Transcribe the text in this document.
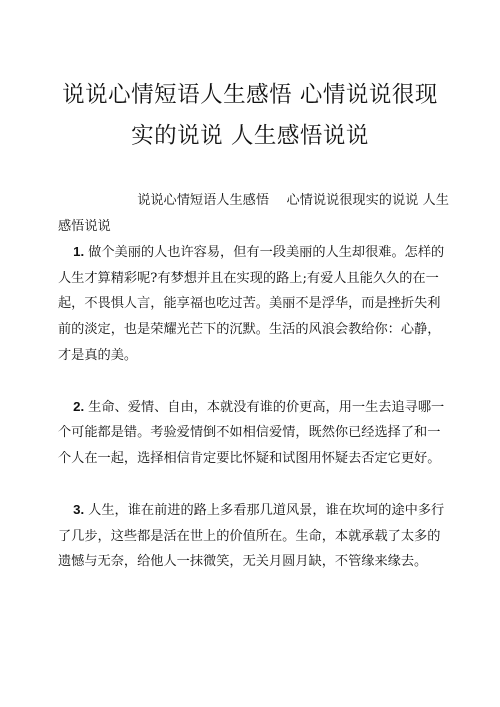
说说心情短语人生感悟 心情说说很现
实的说说 人生感悟说说

说说心情短语人生感悟　 心情说说很现实的说说 人生感悟说说

1. 做个美丽的人也许容易，但有一段美丽的人生却很难。怎样的人生才算精彩呢?有梦想并且在实现的路上;有爱人且能久久的在一起，不畏惧人言，能享福也吃过苦。美丽不是浮华，而是挫折失利前的淡定，也是荣耀光芒下的沉默。生活的风浪会教给你：心静，才是真的美。

2. 生命、爱情、自由，本就没有谁的价更高，用一生去追寻哪一个可能都是错。考验爱情倒不如相信爱情，既然你已经选择了和一个人在一起，选择相信肯定要比怀疑和试图用怀疑去否定它更好。

3. 人生，谁在前进的路上多看那几道风景，谁在坎坷的途中多行了几步，这些都是活在世上的价值所在。生命，本就承载了太多的遗憾与无奈，给他人一抹微笑，无关月圆月缺，不管缘来缘去。
